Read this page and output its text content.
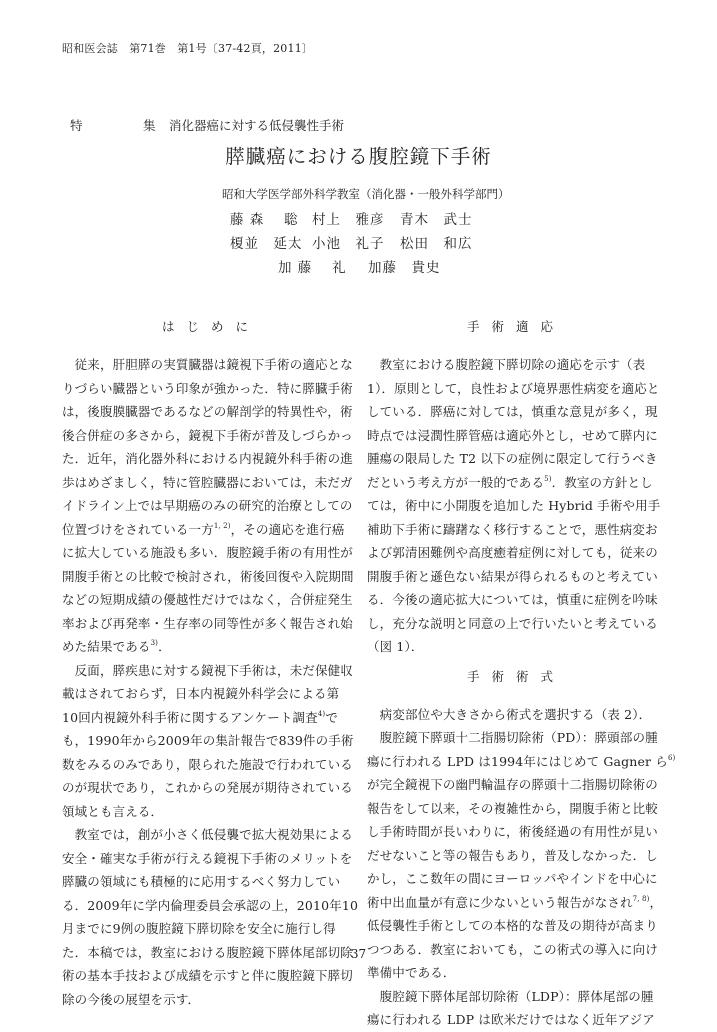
昭和医会誌　第71巻　第1号〔37-42頁，2011〕
特	集 消化器癌に対する低侵襲性手術
膵臓癌における腹腔鏡下手術
昭和大学医学部外科学教室（消化器・一般外科学部門）
藤 森　 聡 村上　雅彦 青木　武士
榎並　延太 小池　礼子 松田　和広
加 藤　 礼 加藤　貴史
は じ め に
　従来，肝胆膵の実質臓器は鏡視下手術の適応とな
りづらい臓器という印象が強かった．特に膵臓手術
は，後腹膜臓器であるなどの解剖学的特異性や，術
後合併症の多さから，鏡視下手術が普及しづらかっ
た．近年，消化器外科における内視鏡外科手術の進
歩はめざましく，特に管腔臓器においては，未だガ
イドライン上では早期癌のみの研究的治療としての
位置づけをされている一方$^{1, 2)}$，その適応を進行癌
に拡大している施設も多い．腹腔鏡手術の有用性が
開腹手術との比較で検討され，術後回復や入院期間
などの短期成績の優越性だけではなく，合併症発生
率および再発率・生存率の同等性が多く報告され始
めた結果である$^{3)}$．
　反面，膵疾患に対する鏡視下手術は，未だ保健収
載はされておらず，日本内視鏡外科学会による第
10回内視鏡外科手術に関するアンケート調査$^{4)}$で
も，1990年から2009年の集計報告で839件の手術
数をみるのみであり，限られた施設で行われている
のが現状であり，これからの発展が期待されている
領域とも言える．
　教室では，創が小さく低侵襲で拡大視効果による
安全・確実な手術が行える鏡視下手術のメリットを
膵臓の領域にも積極的に応用するべく努力してい
る．2009年に学内倫理委員会承認の上，2010年10
月までに9例の腹腔鏡下膵切除を安全に施行し得
た．本稿では，教室における腹腔鏡下膵体尾部切除
術の基本手技および成績を示すと伴に腹腔鏡下膵切
除の今後の展望を示す．
手 術 適 応
　教室における腹腔鏡下膵切除の適応を示す（表
1）．原則として，良性および境界悪性病変を適応と
している．膵癌に対しては，慎重な意見が多く，現
時点では浸潤性膵管癌は適応外とし，せめて膵内に
腫瘍の限局した T2 以下の症例に限定して行うべき
だという考え方が一般的である$^{5)}$．教室の方針とし
ては，術中に小開腹を追加した Hybrid 手術や用手
補助下手術に躊躇なく移行することで，悪性病変お
よび郭清困難例や高度癒着症例に対しても，従来の
開腹手術と遜色ない結果が得られるものと考えてい
る．今後の適応拡大については，慎重に症例を吟味
し，充分な説明と同意の上で行いたいと考えている
（図 1）．
手 術 術 式
　病変部位や大きさから術式を選択する（表 2）．
　腹腔鏡下膵頭十二指腸切除術（PD）：膵頭部の腫
瘍に行われる LPD は1994年にはじめて Gagner ら$^{6)}$
が完全鏡視下の幽門輪温存の膵頭十二指腸切除術の
報告をして以来，その複雑性から，開腹手術と比較
し手術時間が長いわりに，術後経過の有用性が見い
だせないこと等の報告もあり，普及しなかった．し
かし，ここ数年の間にヨーロッパやインドを中心に
術中出血量が有意に少ないという報告がなされ$^{7, 8)}$，
低侵襲性手術としての本格的な普及の期待が高まり
つつある．教室においても，この術式の導入に向け
準備中である．
　腹腔鏡下膵体尾部切除術（LDP）：膵体尾部の腫
瘍に行われる LDP は欧米だけではなく近年アジア
37
